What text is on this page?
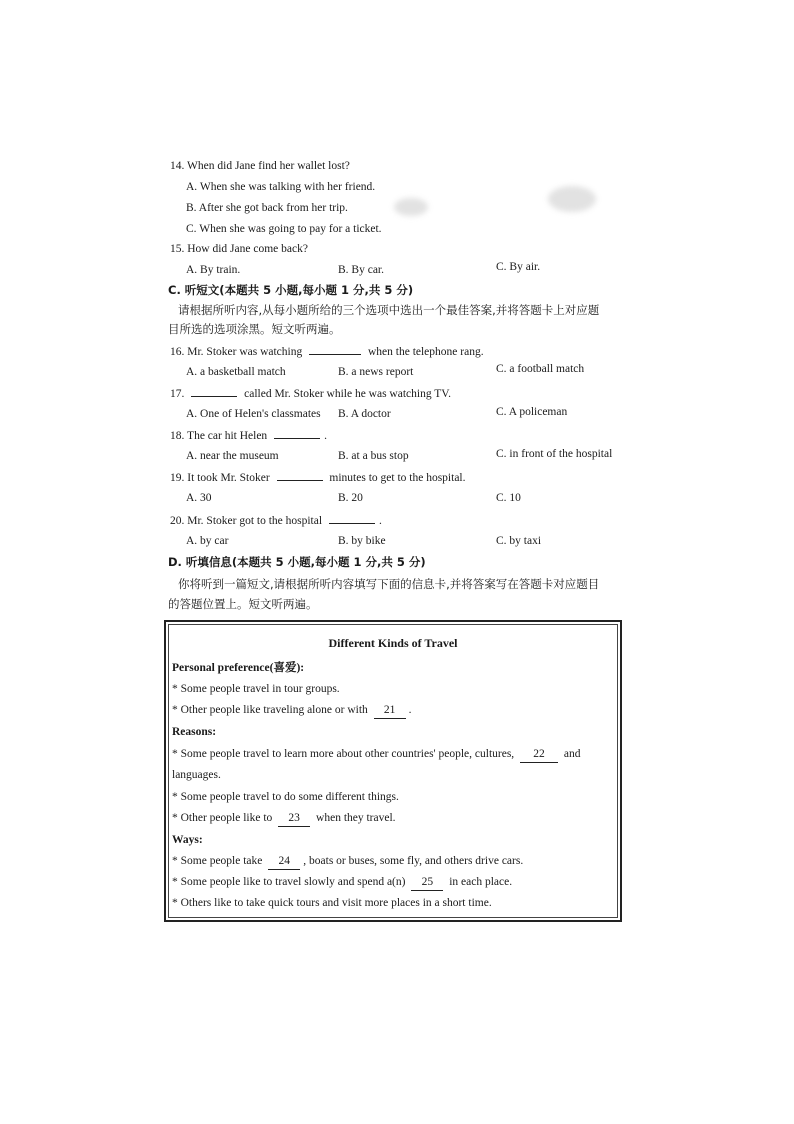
14. When did Jane find her wallet lost?
A. When she was talking with her friend.
B. After she got back from her trip.
C. When she was going to pay for a ticket.
15. How did Jane come back?
A. By train.	B. By car.	C. By air.
C. 听短文(本题共 5 小题,每小题 1 分,共 5 分)
请根据所听内容,从每小题所给的三个选项中选出一个最佳答案,并将答题卡上对应题
目所选的选项涂黑。短文听两遍。
16. Mr. Stoker was watching	when the telephone rang.
A. a basketball match	B. a news report	C. a football match
17.	called Mr. Stoker while he was watching TV.
A. One of Helen's classmates B. A doctor	C. A policeman
18. The car hit Helen	.
A. near the museum	B. at a bus stop	C. in front of the hospital
19. It took Mr. Stoker	minutes to get to the hospital.
A. 30	B. 20	C. 10
20. Mr. Stoker got to the hospital	.
A. by car	B. by bike	C. by taxi
D. 听填信息(本题共 5 小题,每小题 1 分,共 5 分)
你将听到一篇短文,请根据所听内容填写下面的信息卡,并将答案写在答题卡对应题目
的答题位置上。短文听两遍。
Different Kinds of Travel
Personal preference(喜爱):
* Some people travel in tour groups.
* Other people like traveling alone or with 21 .
Reasons:
* Some people travel to learn more about other countries' people, cultures, 22 and
languages.
* Some people travel to do some different things.
* Other people like to 23 when they travel.
Ways:
* Some people take 24 , boats or buses, some fly, and others drive cars.
* Some people like to travel slowly and spend a(n) 25 in each place.
* Others like to take quick tours and visit more places in a short time.
